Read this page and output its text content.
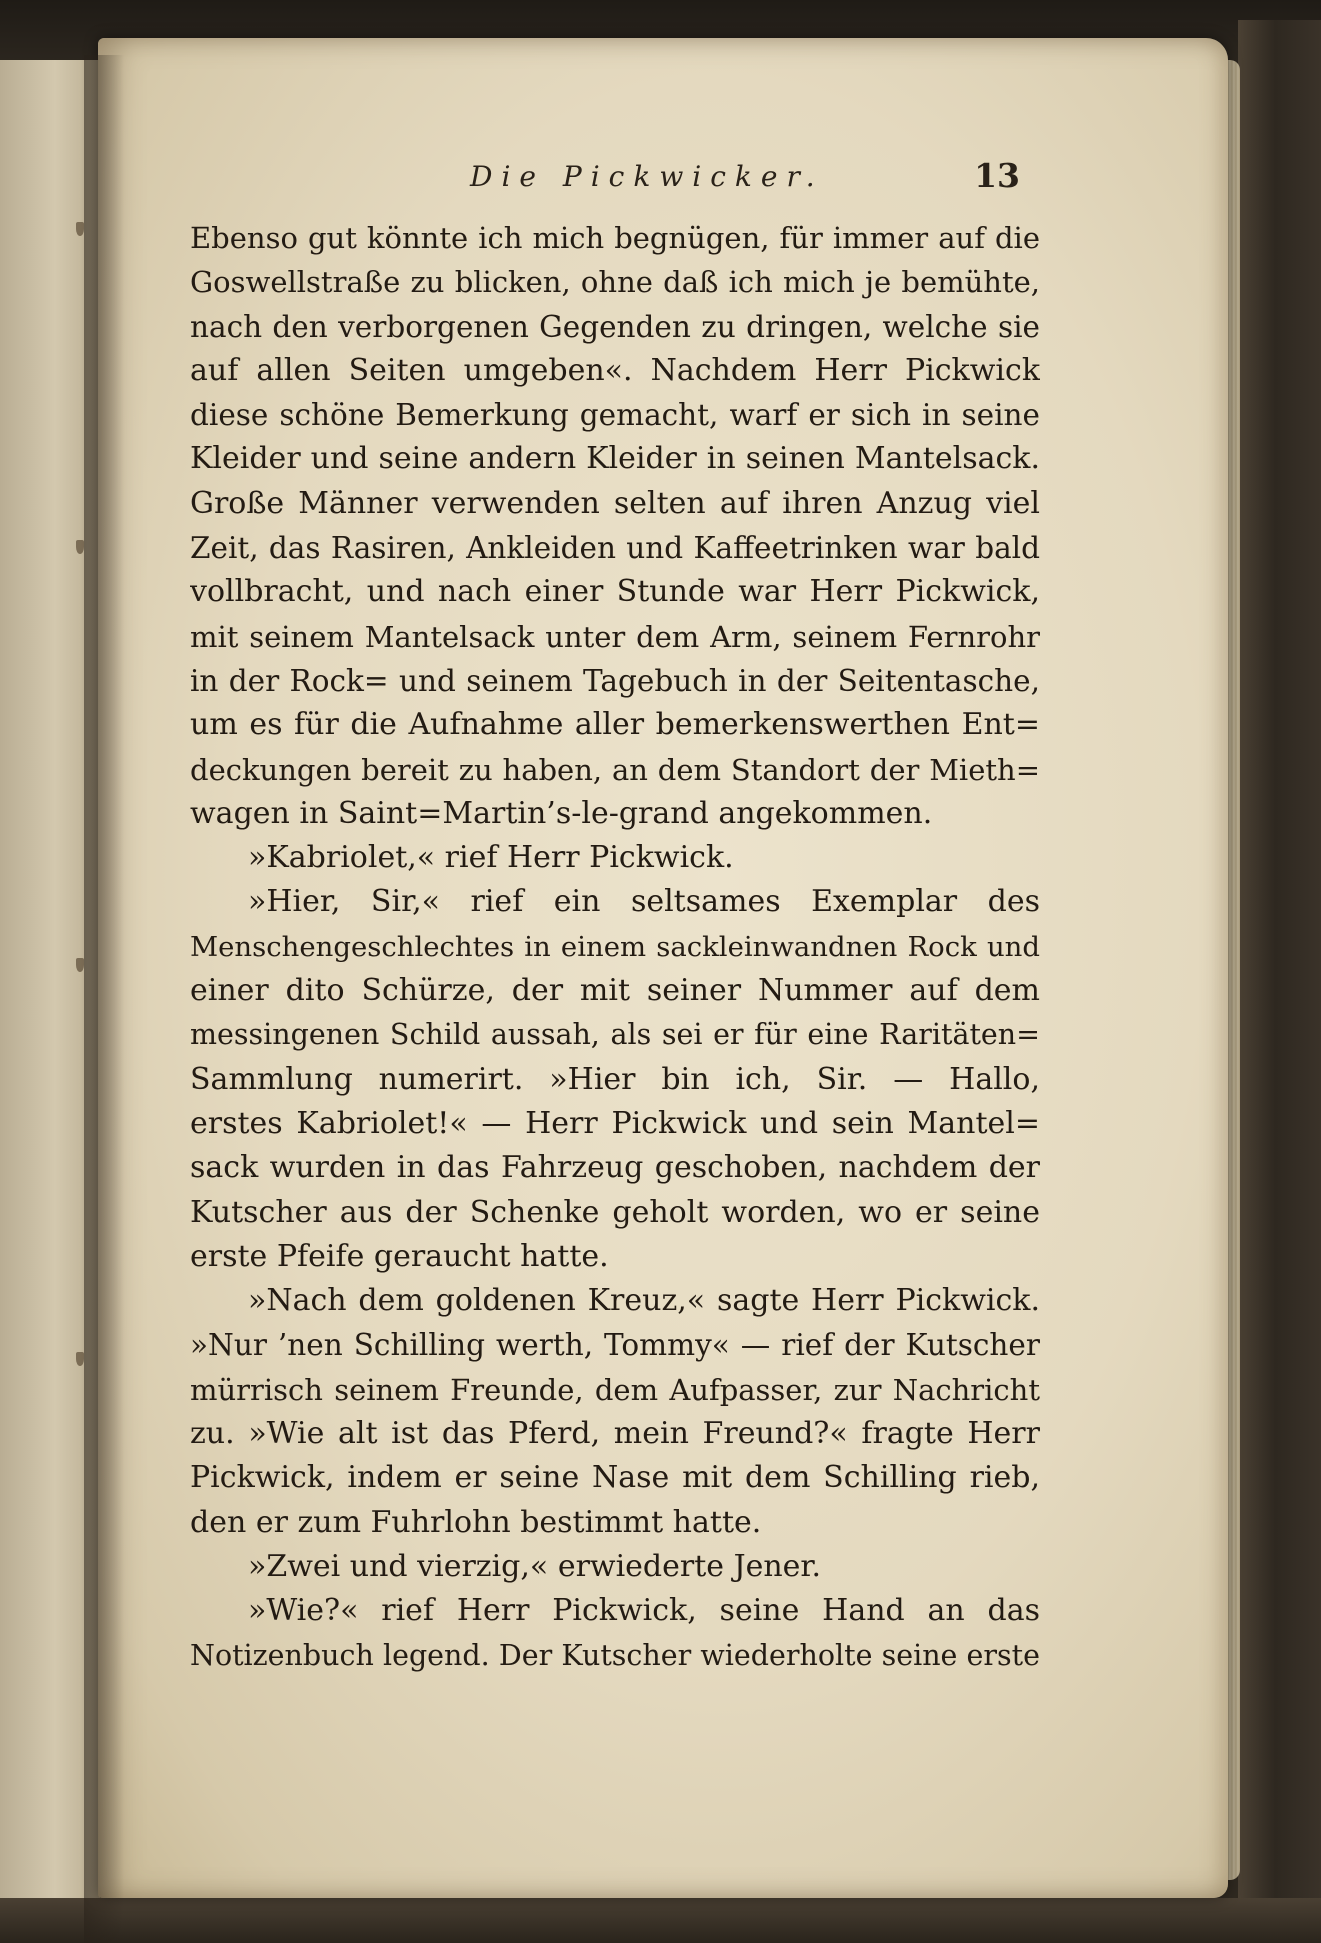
Die Pickwicker.	13
Ebenso gut könnte ich mich begnügen, für immer auf die
Goswellstraße zu blicken, ohne daß ich mich je bemühte,
nach den verborgenen Gegenden zu dringen, welche sie
auf allen Seiten umgeben«. Nachdem Herr Pickwick
diese schöne Bemerkung gemacht, warf er sich in seine
Kleider und seine andern Kleider in seinen Mantelsack.
Große Männer verwenden selten auf ihren Anzug viel
Zeit, das Rasiren, Ankleiden und Kaffeetrinken war bald
vollbracht, und nach einer Stunde war Herr Pickwick,
mit seinem Mantelsack unter dem Arm, seinem Fernrohr
in der Rock= und seinem Tagebuch in der Seitentasche,
um es für die Aufnahme aller bemerkenswerthen Ent=
deckungen bereit zu haben, an dem Standort der Mieth=
wagen in Saint=Martin’s-le-grand angekommen.
»Kabriolet,« rief Herr Pickwick.
»Hier, Sir,« rief ein seltsames Exemplar des
Menschengeschlechtes in einem sackleinwandnen Rock und
einer dito Schürze, der mit seiner Nummer auf dem
messingenen Schild aussah, als sei er für eine Raritäten=
Sammlung numerirt. »Hier bin ich, Sir. — Hallo,
erstes Kabriolet!« — Herr Pickwick und sein Mantel=
sack wurden in das Fahrzeug geschoben, nachdem der
Kutscher aus der Schenke geholt worden, wo er seine
erste Pfeife geraucht hatte.
»Nach dem goldenen Kreuz,« sagte Herr Pickwick.
»Nur ’nen Schilling werth, Tommy« — rief der Kutscher
mürrisch seinem Freunde, dem Aufpasser, zur Nachricht
zu. »Wie alt ist das Pferd, mein Freund?« fragte Herr
Pickwick, indem er seine Nase mit dem Schilling rieb,
den er zum Fuhrlohn bestimmt hatte.
»Zwei und vierzig,« erwiederte Jener.
»Wie?« rief Herr Pickwick, seine Hand an das
Notizenbuch legend. Der Kutscher wiederholte seine erste
